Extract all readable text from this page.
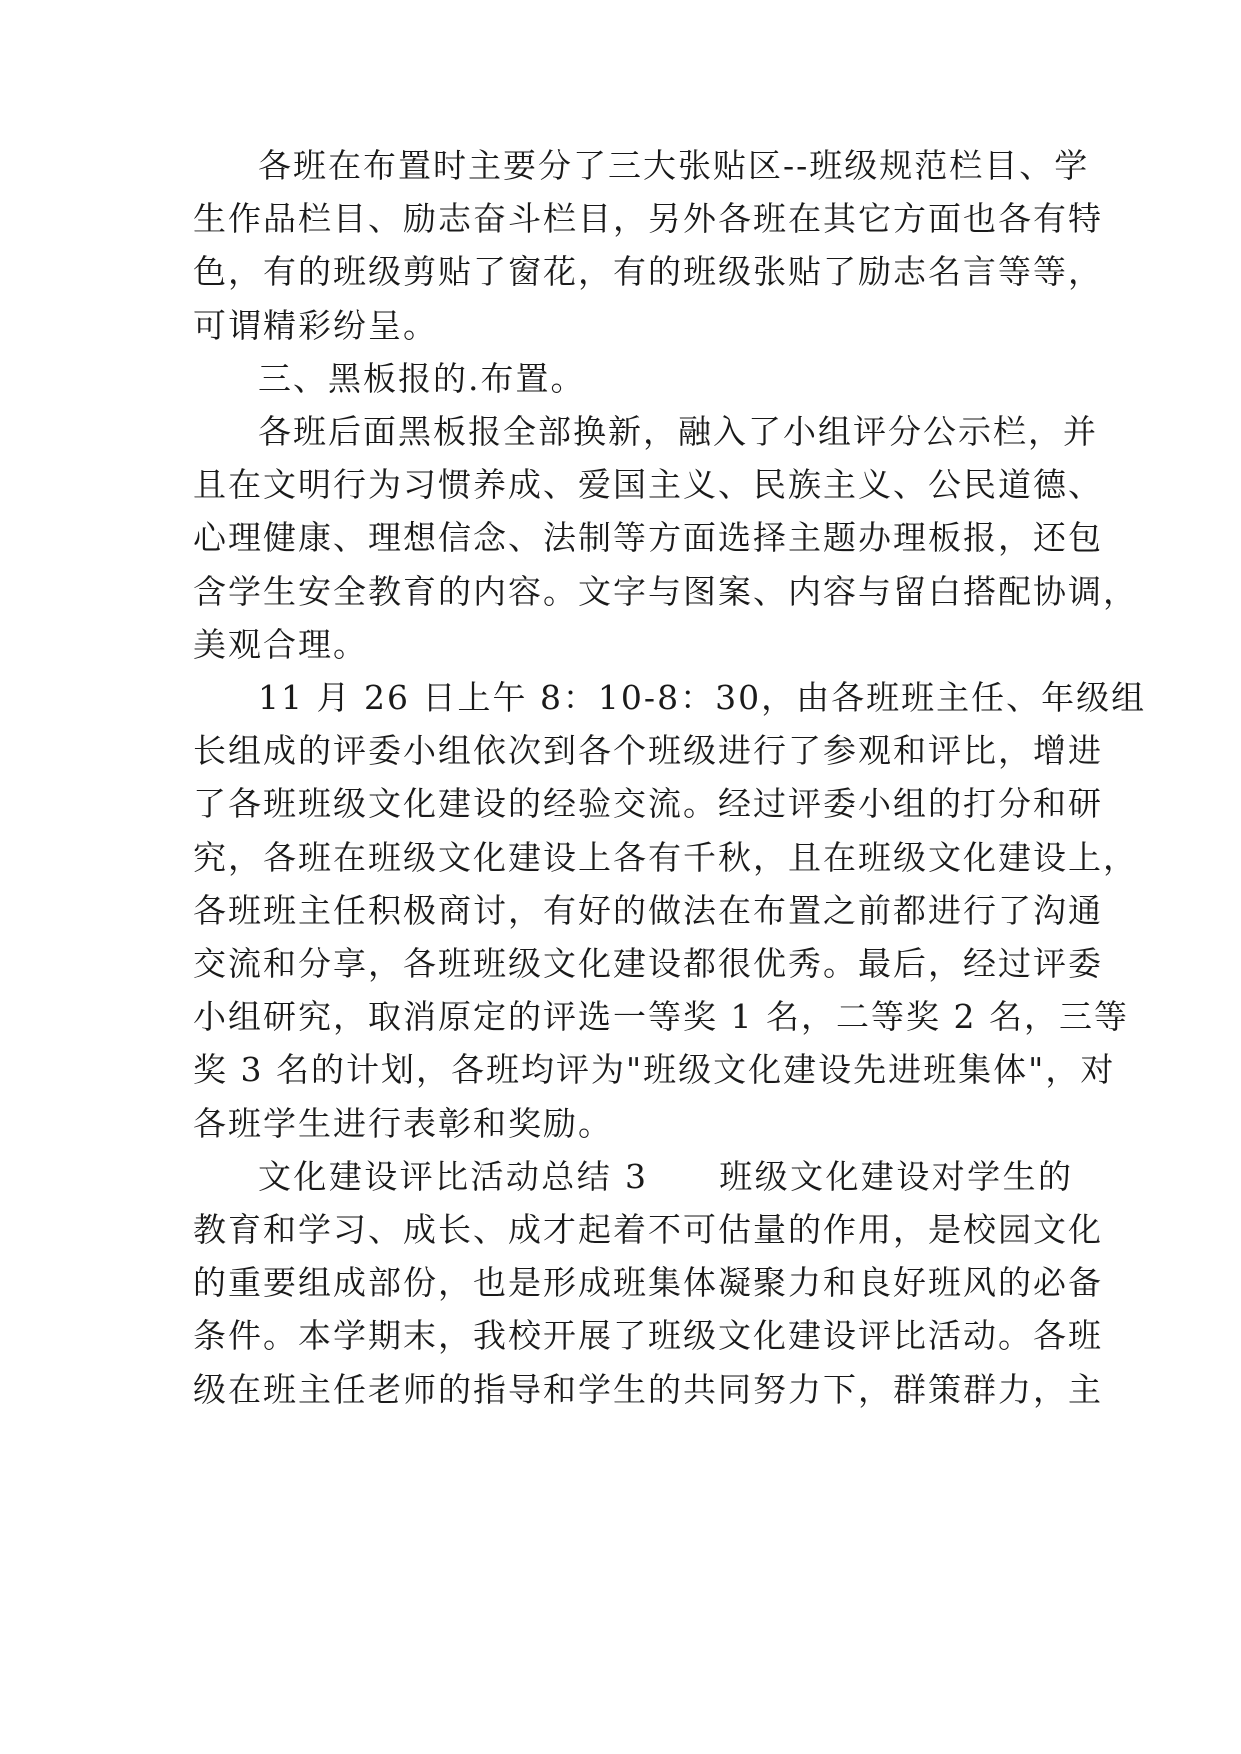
各班在布置时主要分了三大张贴区--班级规范栏目、学
生作品栏目、励志奋斗栏目，另外各班在其它方面也各有特
色，有的班级剪贴了窗花，有的班级张贴了励志名言等等，
可谓精彩纷呈。
三、黑板报的.布置。
各班后面黑板报全部换新，融入了小组评分公示栏，并
且在文明行为习惯养成、爱国主义、民族主义、公民道德、
心理健康、理想信念、法制等方面选择主题办理板报，还包
含学生安全教育的内容。文字与图案、内容与留白搭配协调，
美观合理。
11 月 26 日上午 8：10-8：30，由各班班主任、年级组
长组成的评委小组依次到各个班级进行了参观和评比，增进
了各班班级文化建设的经验交流。经过评委小组的打分和研
究，各班在班级文化建设上各有千秋，且在班级文化建设上，
各班班主任积极商讨，有好的做法在布置之前都进行了沟通
交流和分享，各班班级文化建设都很优秀。最后，经过评委
小组研究，取消原定的评选一等奖 1 名，二等奖 2 名，三等
奖 3 名的计划，各班均评为"班级文化建设先进班集体"，对
各班学生进行表彰和奖励。
文化建设评比活动总结 3　　班级文化建设对学生的
教育和学习、成长、成才起着不可估量的作用，是校园文化
的重要组成部份，也是形成班集体凝聚力和良好班风的必备
条件。本学期末，我校开展了班级文化建设评比活动。各班
级在班主任老师的指导和学生的共同努力下，群策群力，主
